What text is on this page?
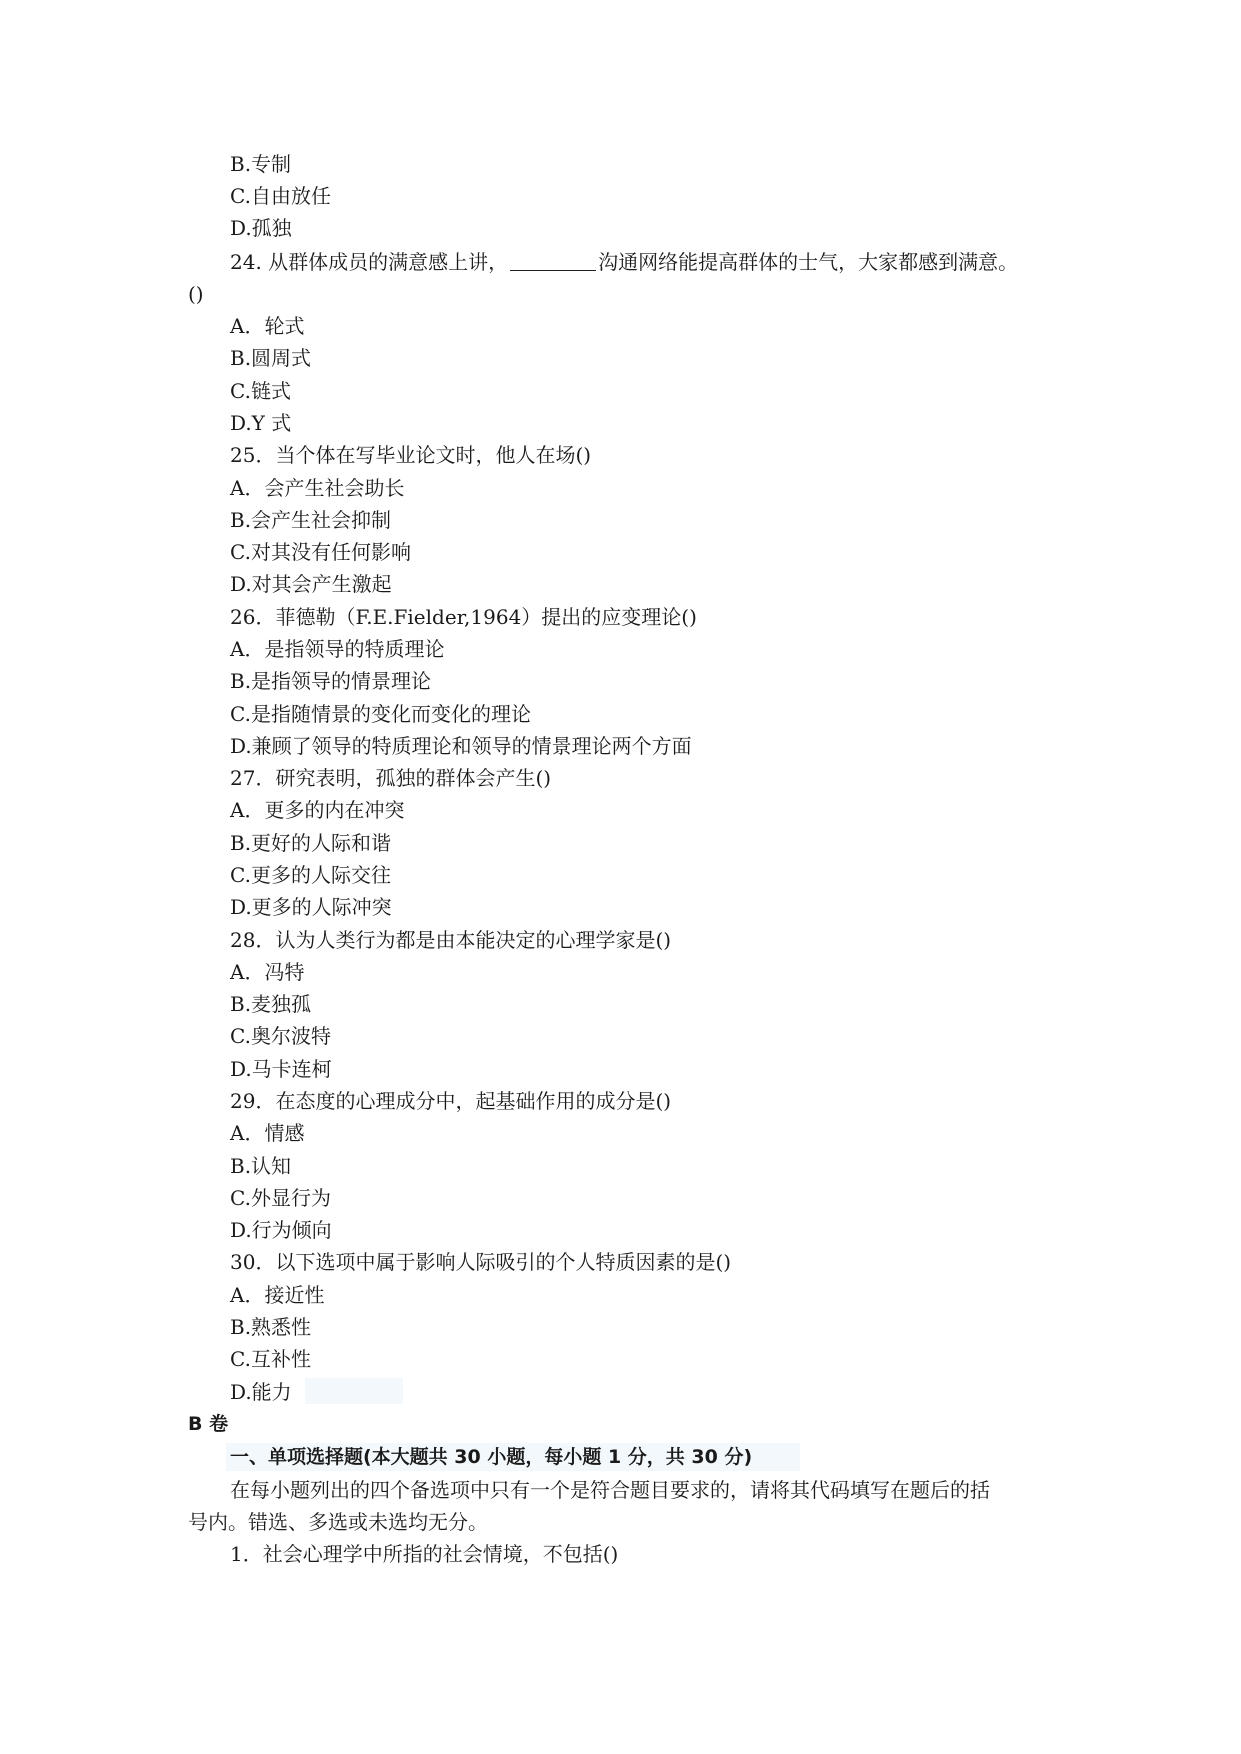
B.专制
C.自由放任
D.孤独
24. 从群体成员的满意感上讲，	沟通网络能提高群体的士气，大家都感到满意。
()
A．轮式
B.圆周式
C.链式
D.Y 式
25．当个体在写毕业论文时，他人在场()
A．会产生社会助长
B.会产生社会抑制
C.对其没有任何影响
D.对其会产生激起
26．菲德勒（F.E.Fielder,1964）提出的应变理论()
A．是指领导的特质理论
B.是指领导的情景理论
C.是指随情景的变化而变化的理论
D.兼顾了领导的特质理论和领导的情景理论两个方面
27．研究表明，孤独的群体会产生()
A．更多的内在冲突
B.更好的人际和谐
C.更多的人际交往
D.更多的人际冲突
28．认为人类行为都是由本能决定的心理学家是()
A．冯特
B.麦独孤
C.奥尔波特
D.马卡连柯
29．在态度的心理成分中，起基础作用的成分是()
A．情感
B.认知
C.外显行为
D.行为倾向
30．以下选项中属于影响人际吸引的个人特质因素的是()
A．接近性
B.熟悉性
C.互补性
D.能力
B 卷
一、单项选择题(本大题共 30 小题，每小题 1 分，共 30 分)
在每小题列出的四个备选项中只有一个是符合题目要求的，请将其代码填写在题后的括
号内。错选、多选或未选均无分。
1．社会心理学中所指的社会情境，不包括()
